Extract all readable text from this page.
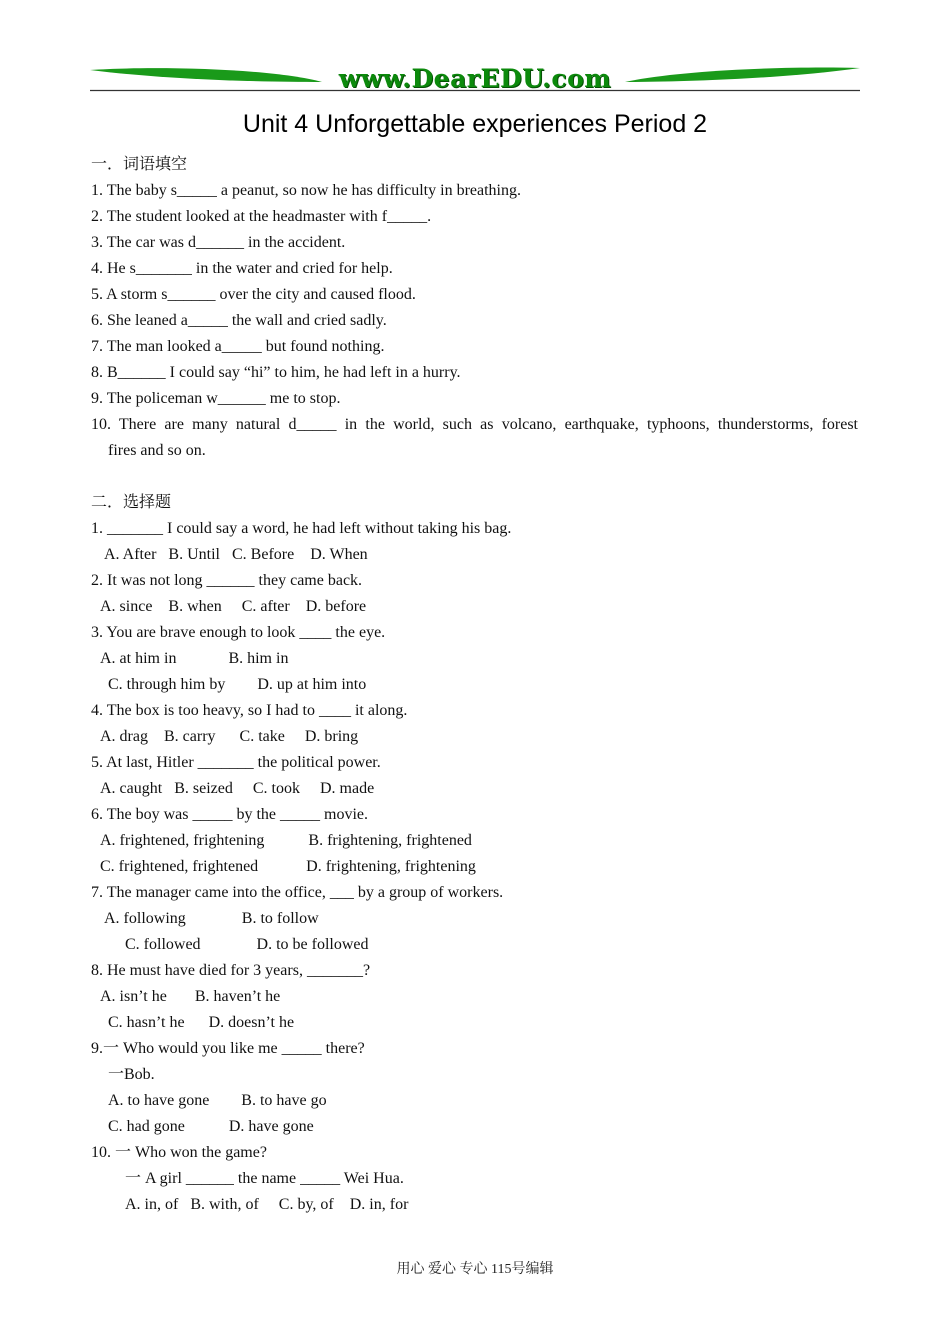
www.DearEDU.com
Unit 4 Unforgettable experiences Period 2
一．词语填空
1. The baby s_____ a peanut, so now he has difficulty in breathing.
2. The student looked at the headmaster with f_____.
3. The car was d______ in the accident.
4. He s_______ in the water and cried for help.
5. A storm s______ over the city and caused flood.
6. She leaned a_____ the wall and cried sadly.
7. The man looked a_____ but found nothing.
8. B______ I could say “hi” to him, he had left in a hurry.
9. The policeman w______ me to stop.
10. There are many natural d_____ in the world, such as volcano, earthquake, typhoons, thunderstorms, forest
fires and so on.
二．选择题
1. _______ I could say a word, he had left without taking his bag.
A. After   B. Until   C. Before    D. When
2. It was not long ______ they came back.
A. since    B. when     C. after    D. before
3. You are brave enough to look ____ the eye.
A. at him in             B. him in
C. through him by        D. up at him into
4. The box is too heavy, so I had to ____ it along.
A. drag    B. carry      C. take     D. bring
5. At last, Hitler _______ the political power.
A. caught   B. seized     C. took     D. made
6. The boy was _____ by the _____ movie.
A. frightened, frightening           B. frightening, frightened
C. frightened, frightened            D. frightening, frightening
7. The manager came into the office, ___ by a group of workers.
A. following              B. to follow
C. followed              D. to be followed
8. He must have died for 3 years, _______?
A. isn’t he       B. haven’t he
C. hasn’t he      D. doesn’t he
9.一 Who would you like me _____ there?
一Bob.
A. to have gone        B. to have go
C. had gone           D. have gone
10. 一 Who won the game?
一 A girl ______ the name _____ Wei Hua.
A. in, of   B. with, of     C. by, of    D. in, for
用心 爱心 专心 115号编辑
